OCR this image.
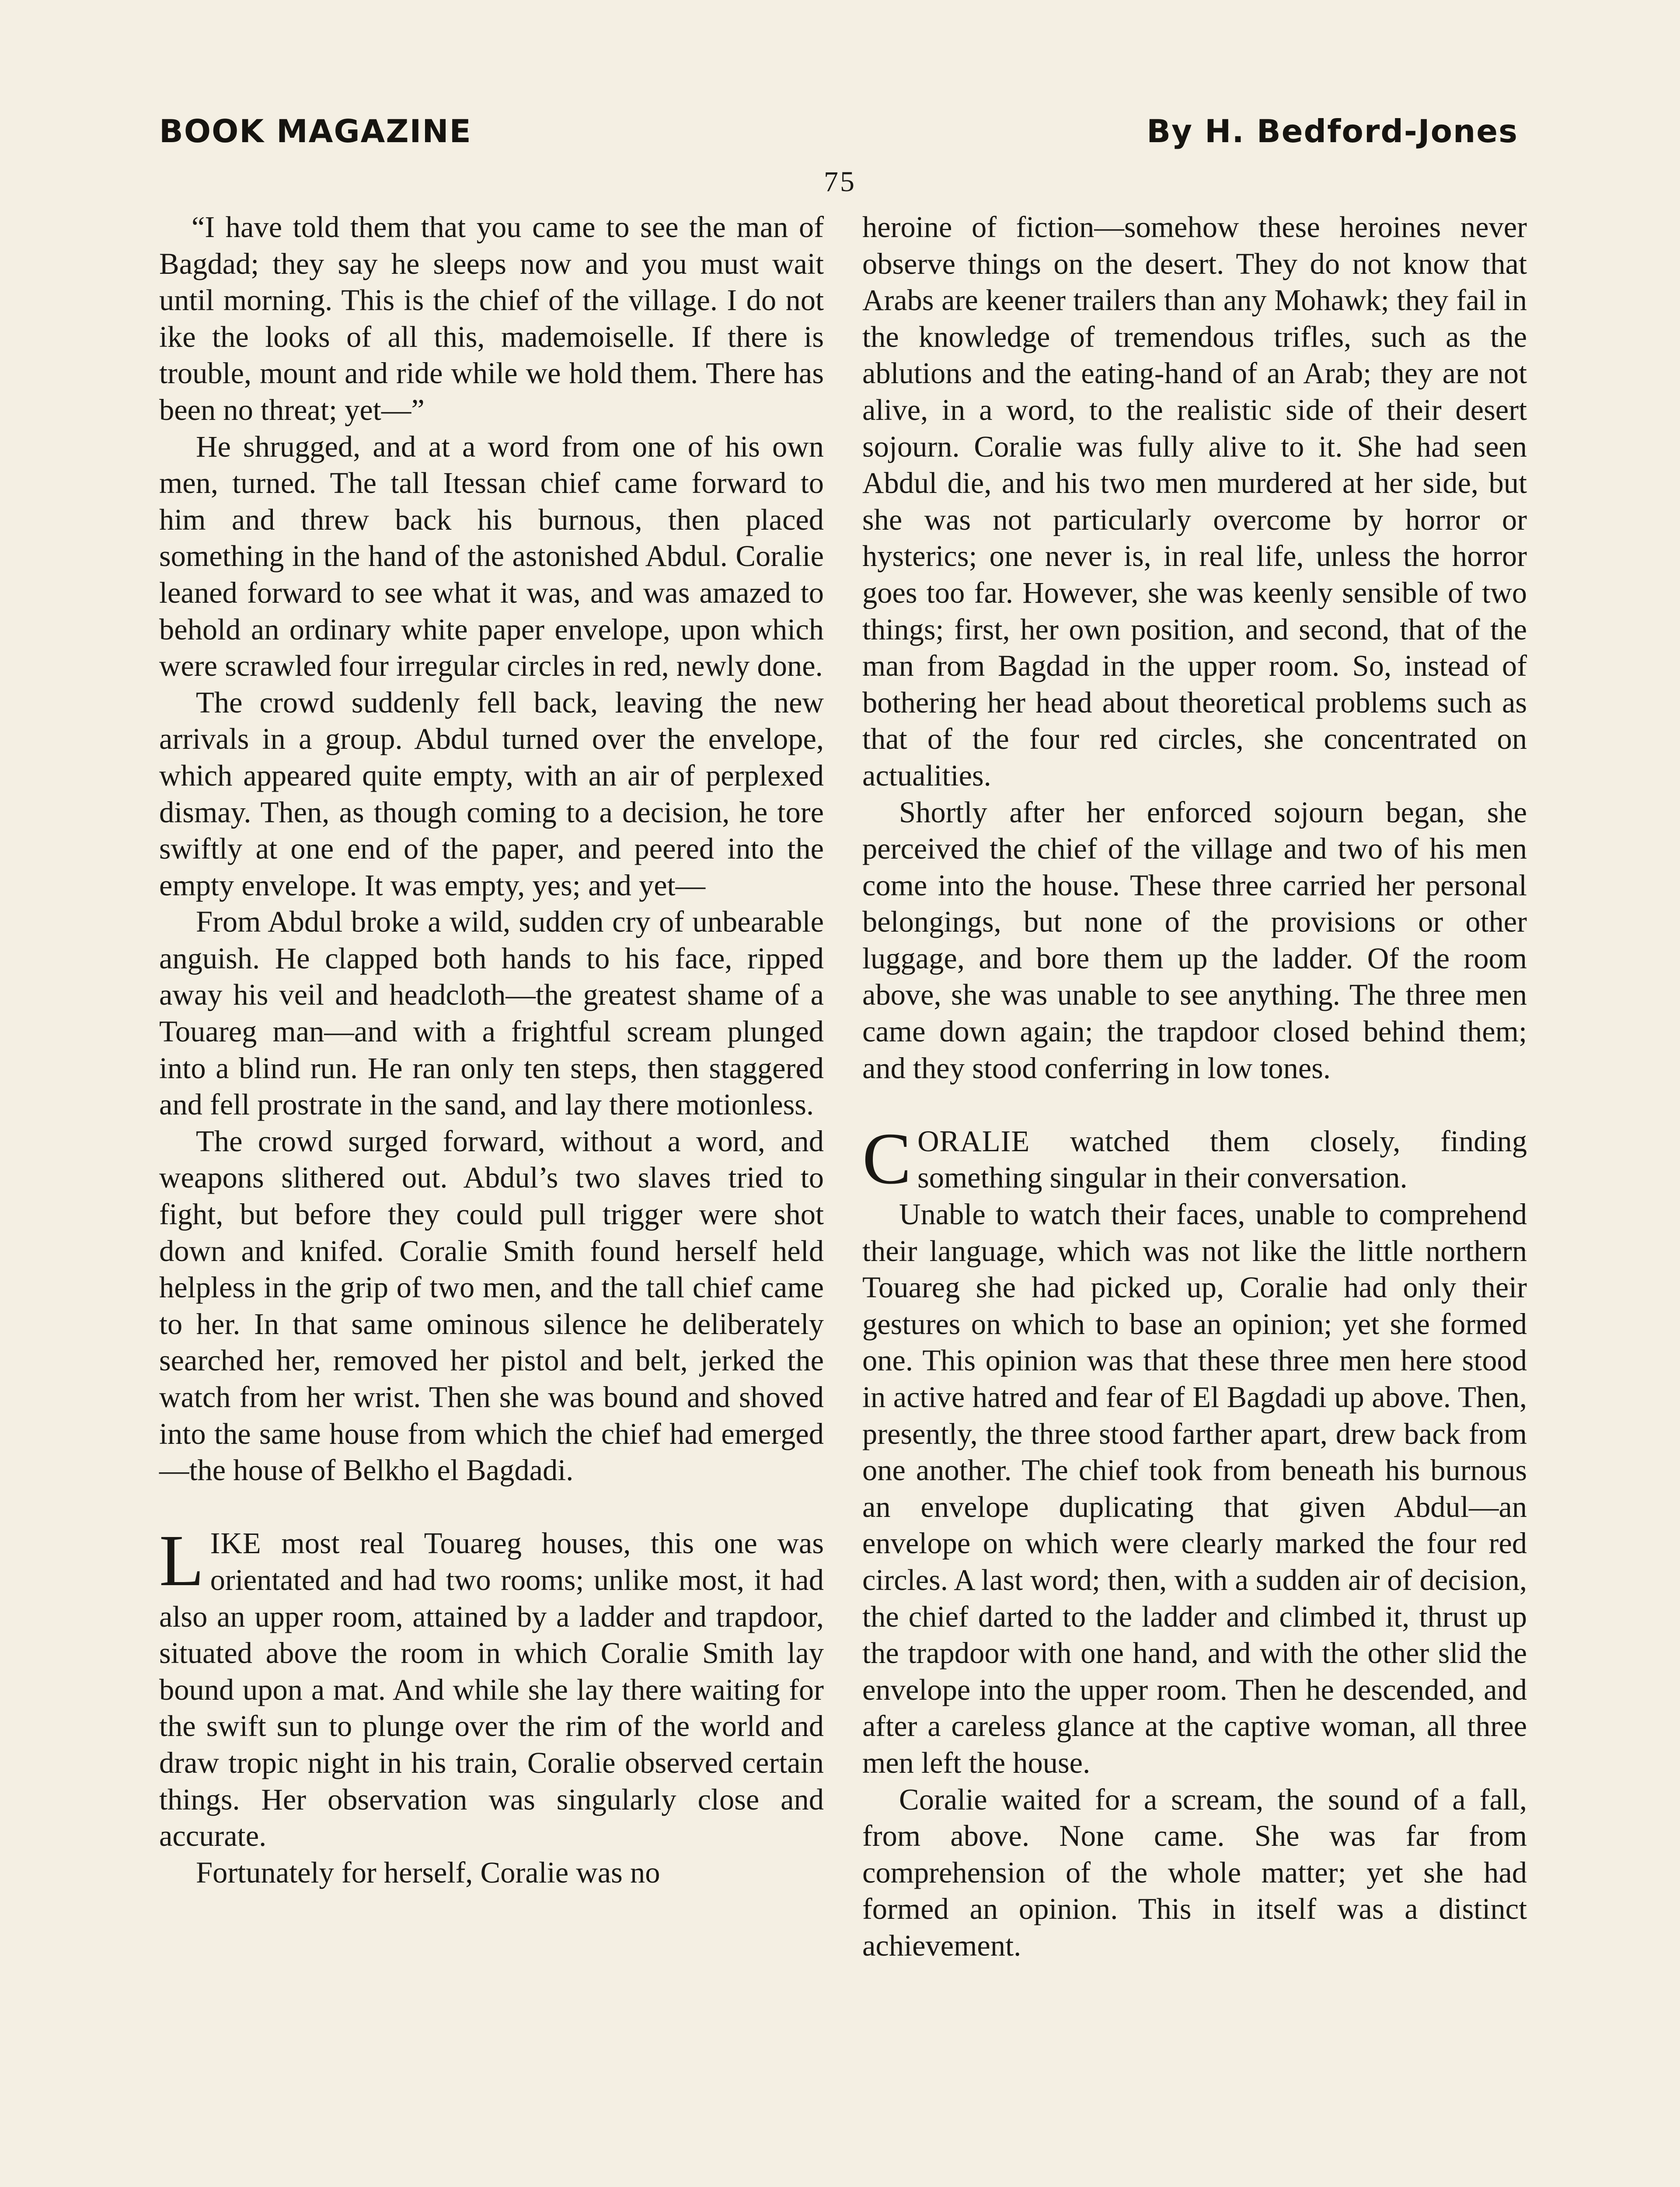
BOOK MAGAZINE	By H. Bedford-Jones
75

“I have told them that you came to see the man of Bagdad; they say he sleeps now and you must wait until morning. This is the chief of the village. I do not ike the looks of all this, mademoiselle. If there is trouble, mount and ride while we hold them. There has been no threat; yet—”

He shrugged, and at a word from one of his own men, turned. The tall Itessan chief came forward to him and threw back his burnous, then placed something in the hand of the astonished Abdul. Coralie leaned forward to see what it was, and was amazed to behold an ordinary white paper envelope, upon which were scrawled four irregular circles in red, newly done.

The crowd suddenly fell back, leaving the new arrivals in a group. Abdul turned over the envelope, which appeared quite empty, with an air of perplexed dismay. Then, as though coming to a decision, he tore swiftly at one end of the paper, and peered into the empty envelope. It was empty, yes; and yet—

From Abdul broke a wild, sudden cry of unbearable anguish. He clapped both hands to his face, ripped away his veil and headcloth—the greatest shame of a Touareg man—and with a frightful scream plunged into a blind run. He ran only ten steps, then staggered and fell prostrate in the sand, and lay there motionless.

The crowd surged forward, without a word, and weapons slithered out. Abdul’s two slaves tried to fight, but before they could pull trigger were shot down and knifed. Coralie Smith found herself held helpless in the grip of two men, and the tall chief came to her. In that same ominous silence he deliberately searched her, removed her pistol and belt, jerked the watch from her wrist. Then she was bound and shoved into the same house from which the chief had emerged—the house of Belkho el Bagdadi.

LIKE most real Touareg houses, this one was orientated and had two rooms; unlike most, it had also an upper room, attained by a ladder and trapdoor, situated above the room in which Coralie Smith lay bound upon a mat. And while she lay there waiting for the swift sun to plunge over the rim of the world and draw tropic night in his train, Coralie observed certain things. Her observation was singularly close and accurate.

Fortunately for herself, Coralie was no

heroine of fiction—somehow these heroines never observe things on the desert. They do not know that Arabs are keener trailers than any Mohawk; they fail in the knowledge of tremendous trifles, such as the ablutions and the eating-hand of an Arab; they are not alive, in a word, to the realistic side of their desert sojourn. Coralie was fully alive to it. She had seen Abdul die, and his two men murdered at her side, but she was not particularly overcome by horror or hysterics; one never is, in real life, unless the horror goes too far. However, she was keenly sensible of two things; first, her own position, and second, that of the man from Bagdad in the upper room. So, instead of bothering her head about theoretical problems such as that of the four red circles, she concentrated on actualities.

Shortly after her enforced sojourn began, she perceived the chief of the village and two of his men come into the house. These three carried her personal belongings, but none of the provisions or other luggage, and bore them up the ladder. Of the room above, she was unable to see anything. The three men came down again; the trapdoor closed behind them; and they stood conferring in low tones.

CORALIE watched them closely, finding something singular in their conversation.

Unable to watch their faces, unable to comprehend their language, which was not like the little northern Touareg she had picked up, Coralie had only their gestures on which to base an opinion; yet she formed one. This opinion was that these three men here stood in active hatred and fear of El Bagdadi up above. Then, presently, the three stood farther apart, drew back from one another. The chief took from beneath his burnous an envelope duplicating that given Abdul—an envelope on which were clearly marked the four red circles. A last word; then, with a sudden air of decision, the chief darted to the ladder and climbed it, thrust up the trapdoor with one hand, and with the other slid the envelope into the upper room. Then he descended, and after a careless glance at the captive woman, all three men left the house.

Coralie waited for a scream, the sound of a fall, from above. None came. She was far from comprehension of the whole matter; yet she had formed an opinion. This in itself was a distinct achievement.
